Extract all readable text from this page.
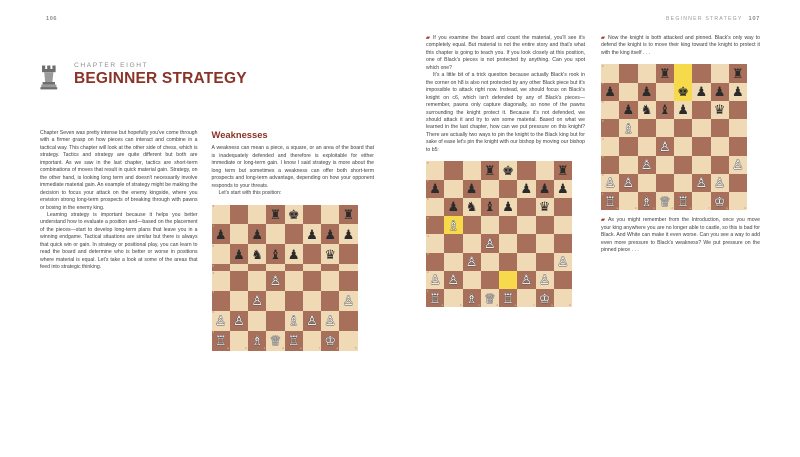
106
CHAPTER EIGHT
BEGINNER STRATEGY

Chapter Seven was pretty intense but hopefully you've come through with a firmer grasp on how pieces can interact and combine in a tactical way. This chapter will look at the other side of chess, which is strategy. Tactics and strategy are quite different but both are important. As we saw in the last chapter, tactics are short-term combinations of moves that result in quick material gain. Strategy, on the other hand, is looking long term and doesn't necessarily involve immediate material gain. An example of strategy might be making the decision to focus your attack on the enemy kingside, where you envision strong long-term prospects of breaking through with pawns or boxing in the enemy king.

Learning strategy is important because it helps you better understand how to evaluate a position and—based on the placement of the pieces—start to develop long-term plans that leave you in a winning endgame. Tactical situations are similar but there is always that quick win or gain. In strategy or positional play, you can learn to read the board and determine who is better or worse in positions where material is equal. Let's take a look at some of the areas that feed into strategic thinking.

Weaknesses

A weakness can mean a piece, a square, or an area of the board that is inadequately defended and therefore is exploitable for either immediate or long-term gain. I know I said strategy is more about the long term but sometimes a weakness can offer both short-term prospects and long-term advantage, depending on how your opponent responds to your threats.

Let's start with this position:

8
♜ ♚	♜
♟
7
♟	♟ ♟ ♟
6
♟ ♞ ♝ ♟ ♛
5
4
♙
3
♙	♙
♙
2
♙	♗ ♙ ♙
♖
1
a	b ♗ c ♕ d ♖ e	f ♔ g	h
BEGINNER STRATEGY 107

▰ If you examine the board and count the material, you'll see it's completely equal. But material is not the entire story and that's what this chapter is going to teach you. If you look closely at this position, one of Black's pieces is not protected by anything. Can you spot which one?

It's a little bit of a trick question because actually Black's rook in the corner on h8 is also not protected by any other Black piece but it's impossible to attack right now. Instead, we should focus on Black's knight on c6, which isn't defended by any of Black's pieces—remember, pawns only capture diagonally, so none of the pawns surrounding the knight protect it. Because it's not defended, we should attack it and try to win some material. Based on what we learned in the last chapter, how can we put pressure on this knight? There are actually two ways to pin the knight to the Black king but for sake of ease let's pin the knight with our bishop by moving our bishop to b5:

8
♜ ♚	♜
♟
7
♟	♟ ♟ ♟
6
♟ ♞ ♝ ♟ ♛
5
♗
4
♙
3
♙	♙
♙
2
♙	♙ ♙
♖
1
a	b ♗ c ♕ d ♖ e	f ♔ g	h

▰ Now the knight is both attacked and pinned. Black's only way to defend the knight is to move their king toward the knight to protect it with the king itself . . .

8
♜	♜
♟
7
♟ ♚ ♟ ♟ ♟
6
♟ ♞ ♝ ♟ ♛
5
♗
4
♙
3
♙	♙
♙
2
♙	♙ ♙
♖
1
a	b ♗ c ♕ d ♖ e	f ♔ g	h

▰ As you might remember from the Introduction, once you move your king anywhere you are no longer able to castle, so this is bad for Black. And White can make it even worse. Can you see a way to add even more pressure to Black's weakness? We put pressure on the pinned piece . . .
